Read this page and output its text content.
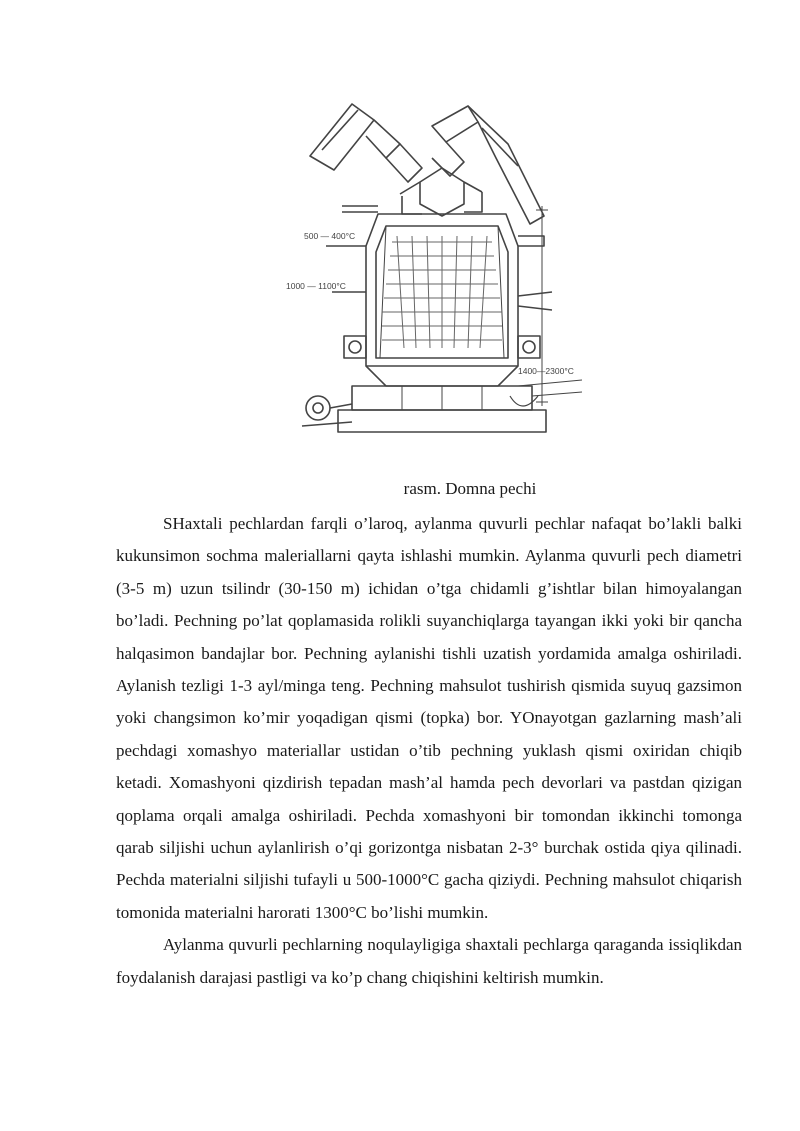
500 — 400°C
1000 — 1100°C
1400—2300°C
rasm. Domna pechi

SHaxtali pechlardan farqli o’laroq, aylanma quvurli pechlar nafaqat bo’lakli balki kukunsimon sochma maleriallarni qayta ishlashi mumkin. Aylanma quvurli pech diametri (3-5 m) uzun tsilindr (30-150 m) ichidan o’tga chidamli g’ishtlar bilan himoyalangan bo’ladi. Pechning po’lat qoplamasida rolikli suyanchiqlarga tayangan ikki yoki bir qancha halqasimon bandajlar bor. Pechning aylanishi tishli uzatish yordamida amalga oshiriladi. Aylanish tezligi 1-3 ayl/minga teng. Pechning mahsulot tushirish qismida suyuq gazsimon yoki changsimon ko’mir yoqadigan qismi (topka) bor. YOnayotgan gazlarning mash’ali pechdagi xomashyo materiallar ustidan o’tib pechning yuklash qismi oxiridan chiqib ketadi. Xomashyoni qizdirish tepadan mash’al hamda pech devorlari va pastdan qizigan qoplama orqali amalga oshiriladi. Pechda xomashyoni bir tomondan ikkinchi tomonga qarab siljishi uchun aylanlirish o’qi gorizontga nisbatan 2-3° burchak ostida qiya qilinadi. Pechda materialni siljishi tufayli u 500-1000°C gacha qiziydi. Pechning mahsulot chiqarish tomonida materialni harorati 1300°C bo’lishi mumkin.

Aylanma quvurli pechlarning noqulayligiga shaxtali pechlarga qaraganda issiqlikdan foydalanish darajasi pastligi va ko’p chang chiqishini keltirish mumkin.
